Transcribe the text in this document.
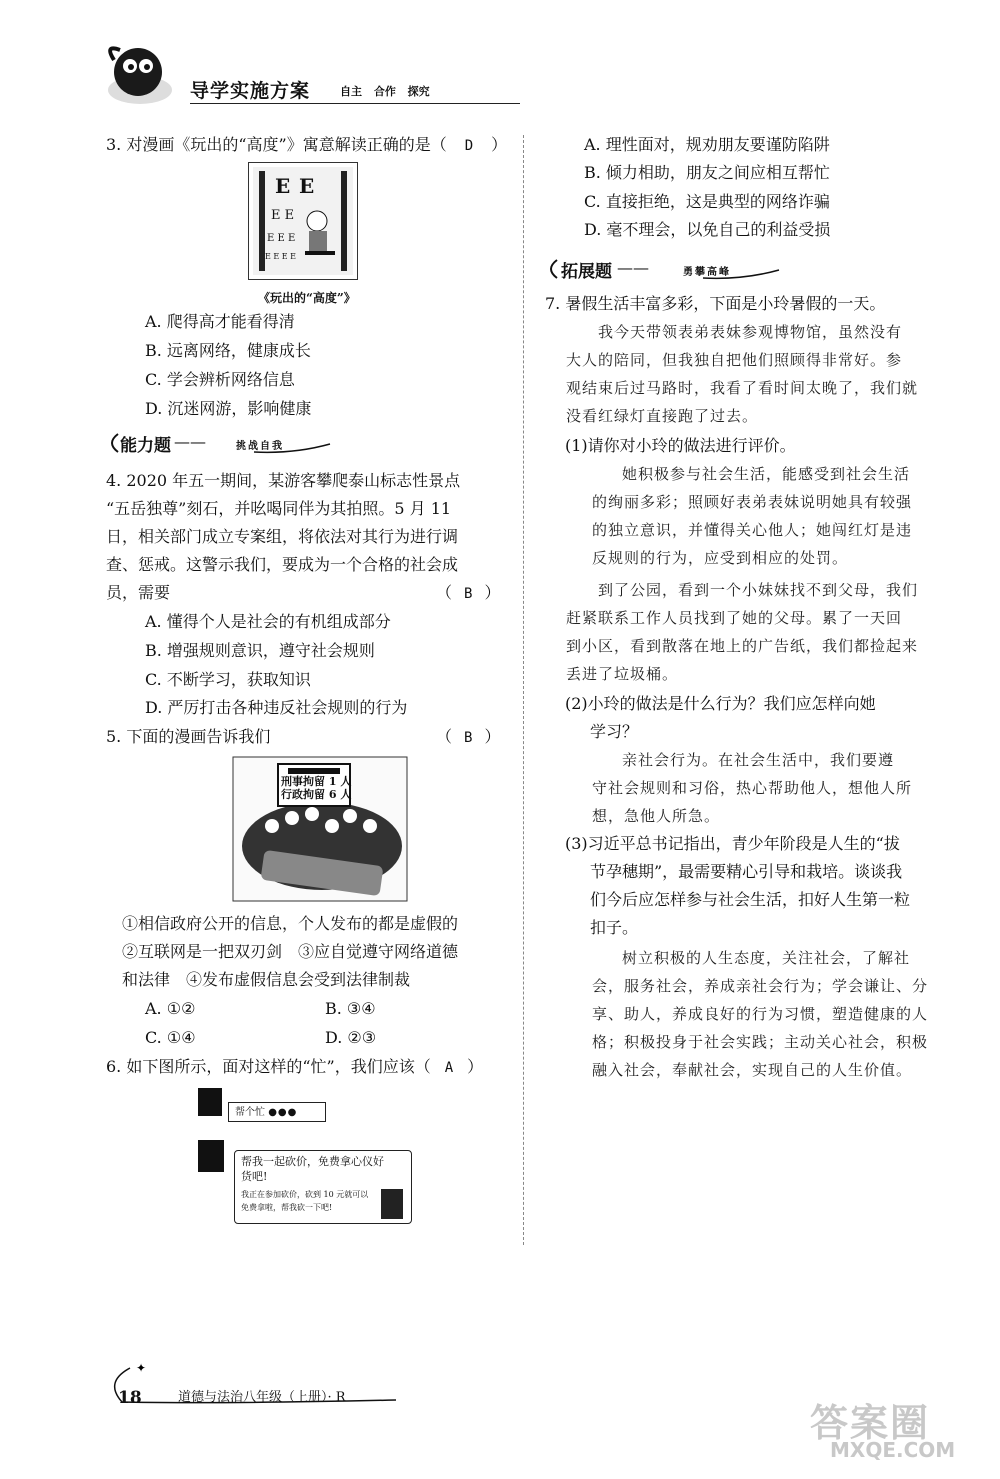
导学实施方案	自主 合作 探究
3. 对漫画《玩出的“高度”》寓意解读正确的是（ D ）
E E
E E
E E E
E E E E
《玩出的“高度”》
A. 爬得高才能看得清
B. 远离网络，健康成长
C. 学会辨析网络信息
D. 沉迷网游，影响健康
能力题 ——	挑战自我
4. 2020 年五一期间，某游客攀爬泰山标志性景点
“五岳独尊”刻石，并吆喝同伴为其拍照。5 月 11
日，相关部门成立专案组，将依法对其行为进行调
查、惩戒。这警示我们，要成为一个合格的社会成
员，需要	（ B ）
A. 懂得个人是社会的有机组成部分
B. 增强规则意识，遵守社会规则
C. 不断学习，获取知识
D. 严厉打击各种违反社会规则的行为
5. 下面的漫画告诉我们	（ B ）
刑事拘留 1 人
行政拘留 6 人
①相信政府公开的信息，个人发布的都是虚假的
②互联网是一把双刃剑　③应自觉遵守网络道德
和法律　④发布虚假信息会受到法律制裁
A. ①②	B. ③④
C. ①④	D. ②③
6. 如下图所示，面对这样的“忙”，我们应该（ A ）
帮个忙 ●●●
帮我一起砍价，免费拿心仪好货吧!
我正在参加砍价，砍到 10 元就可以免费拿啦，帮我砍一下吧!
A. 理性面对，规劝朋友要谨防陷阱
B. 倾力相助，朋友之间应相互帮忙
C. 直接拒绝，这是典型的网络诈骗
D. 毫不理会，以免自己的利益受损
拓展题 ——	勇攀高峰
7. 暑假生活丰富多彩，下面是小玲暑假的一天。
我今天带领表弟表妹参观博物馆，虽然没有
大人的陪同，但我独自把他们照顾得非常好。参
观结束后过马路时，我看了看时间太晚了，我们就
没看红绿灯直接跑了过去。
(1)请你对小玲的做法进行评价。
她积极参与社会生活，能感受到社会生活
的绚丽多彩；照顾好表弟表妹说明她具有较强
的独立意识，并懂得关心他人；她闯红灯是违
反规则的行为，应受到相应的处罚。
到了公园，看到一个小妹妹找不到父母，我们
赶紧联系工作人员找到了她的父母。累了一天回
到小区，看到散落在地上的广告纸，我们都捡起来
丢进了垃圾桶。
(2)小玲的做法是什么行为？我们应怎样向她
学习？
亲社会行为。在社会生活中，我们要遵
守社会规则和习俗，热心帮助他人，想他人所
想，急他人所急。
(3)习近平总书记指出，青少年阶段是人生的“拔
节孕穗期”，最需要精心引导和栽培。谈谈我
们今后应怎样参与社会生活，扣好人生第一粒
扣子。
树立积极的人生态度，关注社会，了解社
会，服务社会，养成亲社会行为；学会谦让、分
享、助人，养成良好的行为习惯，塑造健康的人
格；积极投身于社会实践；主动关心社会，积极
融入社会，奉献社会，实现自己的人生价值。
✦
18	道德与法治八年级（上册）· R
答案圈
MXQE.COM
